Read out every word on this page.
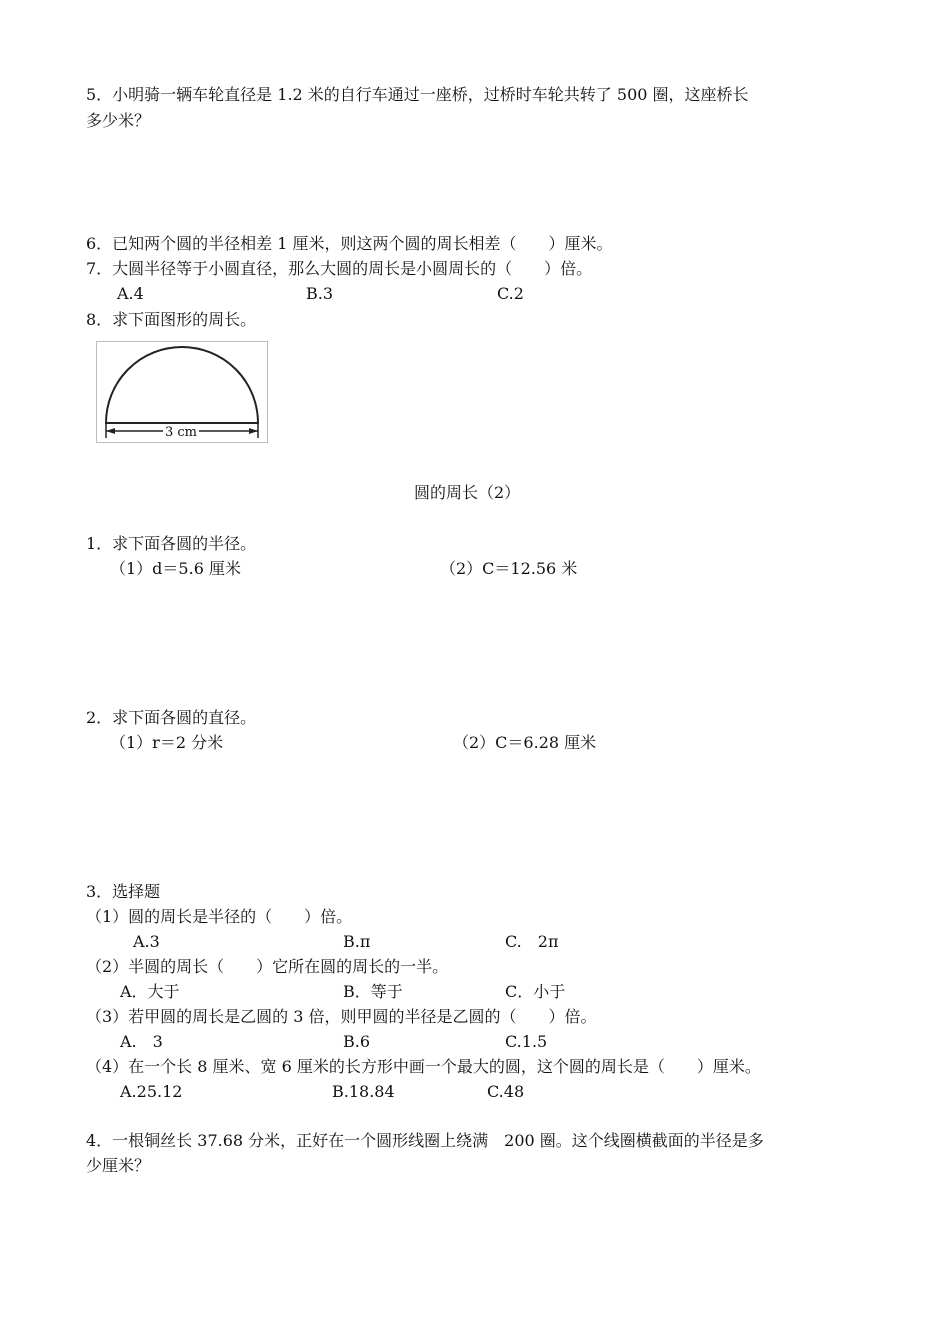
5．小明骑一辆车轮直径是 1.2 米的自行车通过一座桥，过桥时车轮共转了 500 圈，这座桥长
多少米？
6．已知两个圆的半径相差 1 厘米，则这两个圆的周长相差（　　）厘米。
7．大圆半径等于小圆直径，那么大圆的周长是小圆周长的（　　）倍。
A.4	B.3	C.2
8．求下面图形的周长。
3 cm
圆的周长（2）
1．求下面各圆的半径。
（1）d＝5.6 厘米	（2）C＝12.56 米
2．求下面各圆的直径。
（1）r＝2 分米	（2）C＝6.28 厘米
3．选择题
（1）圆的周长是半径的（　　）倍。
A.3	B.π	C.　2π
（2）半圆的周长（　　）它所在圆的周长的一半。
A．大于	B．等于	C．小于
（3）若甲圆的周长是乙圆的 3 倍，则甲圆的半径是乙圆的（　　）倍。
A.　3	B.6	C.1.5
（4）在一个长 8 厘米、宽 6 厘米的长方形中画一个最大的圆，这个圆的周长是（　　）厘米。
A.25.12	B.18.84	C.48
4．一根铜丝长 37.68 分米，正好在一个圆形线圈上绕满　200 圈。这个线圈横截面的半径是多
少厘米？
